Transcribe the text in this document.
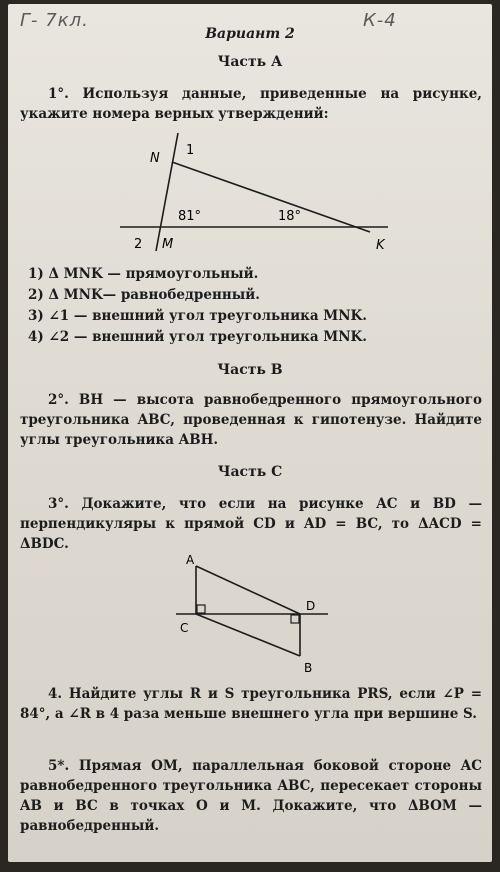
Г- 7кл.	К-4
Вариант 2
Часть А
1°. Используя данные, приведенные на рисунке, укажите номера верных утверждений:
N
1
81°	18°
2 M	K
1) Δ MNK — прямоугольный.
2) Δ MNK— равнобедренный.
3) ∠1 — внешний угол треугольника MNK.
4) ∠2 — внешний угол треугольника MNK.
Часть В
2°. BH — высота равнобедренного прямоугольного треугольника ABC, проведенная к гипотенузе. Найдите углы треугольника ABH.
Часть С
3°. Докажите, что если на рисунке AC и BD — перпендикуляры к прямой CD и AD = BC, то ΔACD = ΔBDC.
A
C
D
B
4. Найдите углы R и S треугольника PRS, если ∠P = 84°, а ∠R в 4 раза меньше внешнего угла при вершине S.
5*. Прямая OM, параллельная боковой стороне AC равнобедренного треугольника ABC, пересекает стороны AB и BC в точках O и M. Докажите, что ΔBOM — равнобедренный.
